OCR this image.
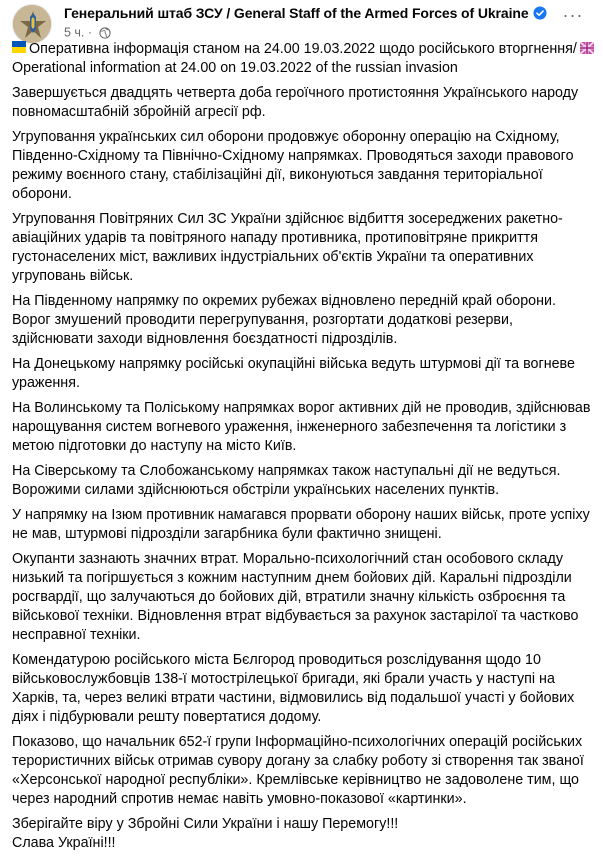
Генеральний штаб ЗСУ / General Staff of the Armed Forces of Ukraine
5 ч. ·
···

Оперативна інформація станом на 24.00 19.03.2022 щодо російського вторгнення/
Operational information at 24.00 on 19.03.2022 of the russian invasion

Завершується двадцять четверта доба героїчного протистояння Українського народу повномасштабній збройній агресії рф.

Угруповання українських сил оборони продовжує оборонну операцію на Східному, Південно-Східному та Північно-Східному напрямках. Проводяться заходи правового режиму воєнного стану, стабілізаційні дії, виконуються завдання територіальної оборони.

Угруповання Повітряних Сил ЗС України здійснює відбиття зосереджених ракетно-авіаційних ударів та повітряного нападу противника, протиповітряне прикриття густонаселених міст, важливих індустріальних об'єктів України та оперативних угруповань військ.

На Південному напрямку по окремих рубежах відновлено передній край оборони. Ворог змушений проводити перегрупування, розгортати додаткові резерви, здійснювати заходи відновлення боєздатності підрозділів.

На Донецькому напрямку російські окупаційні війська ведуть штурмові дії та вогневе ураження.

На Волинському та Поліському напрямках ворог активних дій не проводив, здійснював нарощування систем вогневого ураження, інженерного забезпечення та логістики з метою підготовки до наступу на місто Київ.

На Сіверському та Слобожанському напрямках також наступальні дії не ведуться. Ворожими силами здійснюються обстріли українських населених пунктів.

У напрямку на Ізюм противник намагався прорвати оборону наших військ, проте успіху не мав, штурмові підрозділи загарбника були фактично знищені.

Окупанти зазнають значних втрат. Морально-психологічний стан особового складу низький та погіршується з кожним наступним днем бойових дій. Каральні підрозділи росгвардії, що залучаються до бойових дій, втратили значну кількість озброєння та військової техніки. Відновлення втрат відбувається за рахунок застарілої та частково несправної техніки.

Комендатурою російського міста Бєлгород проводиться розслідування щодо 10 військовослужбовців 138-ї мотострілецької бригади, які брали участь у наступі на Харків, та, через великі втрати частини, відмовились від подальшої участі у бойових діях і підбурювали решту повертатися додому.

Показово, що начальник 652-ї групи Інформаційно-психологічних операцій російських терористичних військ отримав сувору догану за слабку роботу зі створення так званої «Херсонської народної республіки». Кремлівське керівництво не задоволене тим, що через народний спротив немає навіть умовно-показової «картинки».

Зберігайте віру у Збройні Сили України і нашу Перемогу!!!
Слава Україні!!!
